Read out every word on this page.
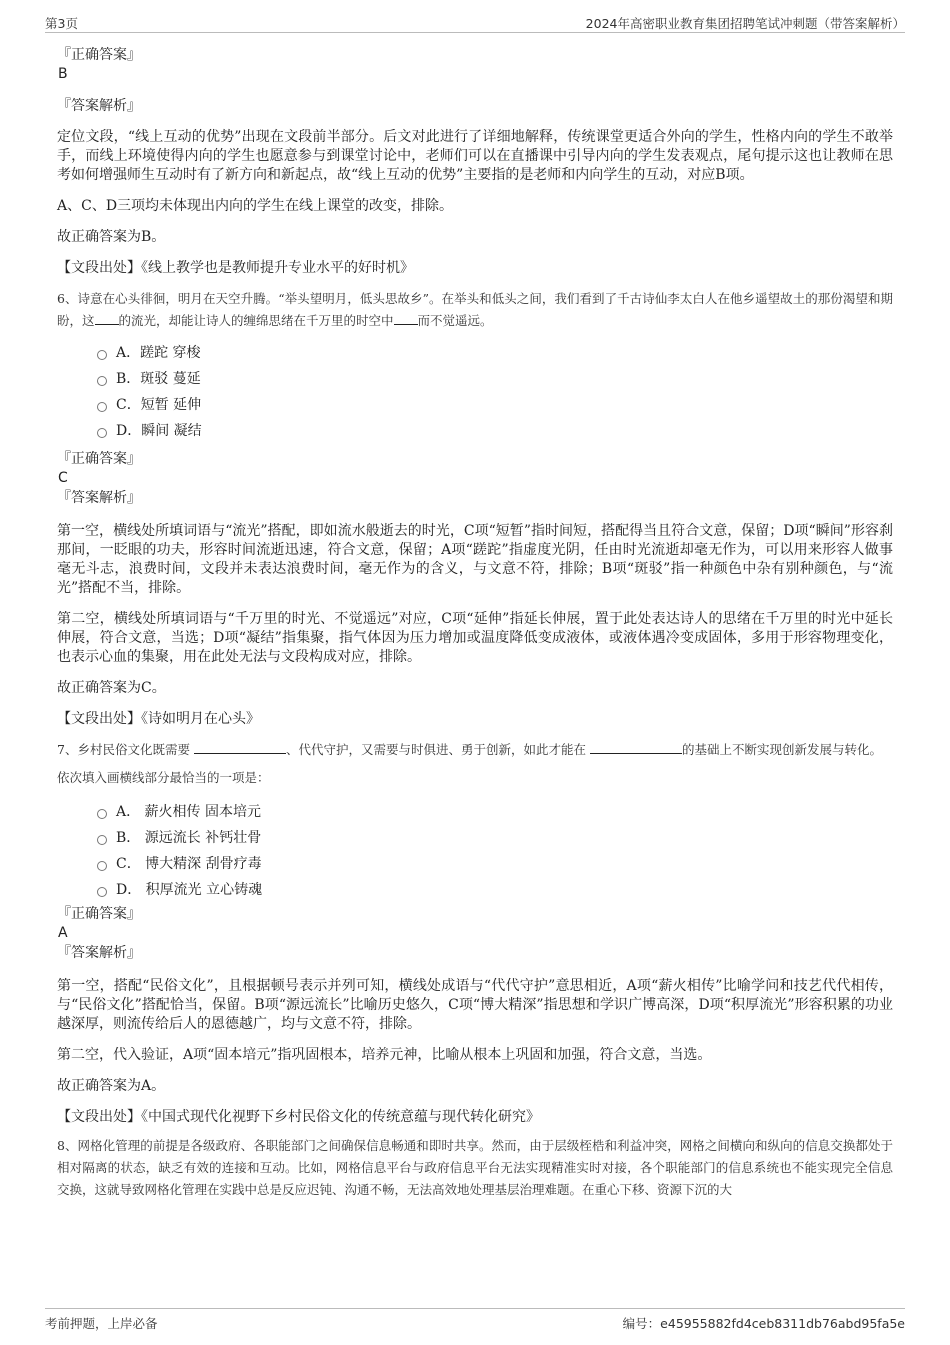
第3页	2024年高密职业教育集团招聘笔试冲刺题（带答案解析）

『正确答案』

B

『答案解析』

定位文段，“线上互动的优势”出现在文段前半部分。后文对此进行了详细地解释，传统课堂更适合外向的学生，性格内向的学生不敢举手，而线上环境使得内向的学生也愿意参与到课堂讨论中，老师们可以在直播课中引导内向的学生发表观点，尾句提示这也让教师在思考如何增强师生互动时有了新方向和新起点，故“线上互动的优势”主要指的是老师和内向学生的互动，对应B项。

A、C、D三项均未体现出内向的学生在线上课堂的改变，排除。

故正确答案为B。

【文段出处】《线上教学也是教师提升专业水平的好时机》

6、诗意在心头徘徊，明月在天空升腾。“举头望明月，低头思故乡”。在举头和低头之间，我们看到了千古诗仙李太白人在他乡遥望故土的那份渴望和期盼，这 的流光，却能让诗人的缠绵思绪在千万里的时空中 而不觉遥远。

A．蹉跎 穿梭
B．斑驳 蔓延
C．短暂 延伸
D．瞬间 凝结

『正确答案』

C

『答案解析』

第一空，横线处所填词语与“流光”搭配，即如流水般逝去的时光，C项“短暂”指时间短，搭配得当且符合文意，保留；D项“瞬间”形容刹那间，一眨眼的功夫，形容时间流逝迅速，符合文意，保留；A项“蹉跎”指虚度光阴，任由时光流逝却毫无作为，可以用来形容人做事毫无斗志，浪费时间，文段并未表达浪费时间，毫无作为的含义，与文意不符，排除；B项“斑驳”指一种颜色中杂有别种颜色，与“流光”搭配不当，排除。

第二空，横线处所填词语与“千万里的时光、不觉遥远”对应，C项“延伸”指延长伸展，置于此处表达诗人的思绪在千万里的时光中延长伸展，符合文意，当选；D项“凝结”指集聚，指气体因为压力增加或温度降低变成液体，或液体遇冷变成固体，多用于形容物理变化，也表示心血的集聚，用在此处无法与文段构成对应，排除。

故正确答案为C。

【文段出处】《诗如明月在心头》

7、乡村民俗文化既需要	、代代守护，又需要与时俱进、勇于创新，如此才能在	的基础上不断实现创新发展与转化。

依次填入画横线部分最恰当的一项是：

A． 薪火相传 固本培元
B． 源远流长 补钙壮骨
C． 博大精深 刮骨疗毒
D． 积厚流光 立心铸魂

『正确答案』

A

『答案解析』

第一空，搭配“民俗文化”，且根据顿号表示并列可知，横线处成语与“代代守护”意思相近，A项“薪火相传”比喻学问和技艺代代相传，与“民俗文化”搭配恰当，保留。B项“源远流长”比喻历史悠久，C项“博大精深”指思想和学识广博高深，D项“积厚流光”形容积累的功业越深厚，则流传给后人的恩德越广，均与文意不符，排除。

第二空，代入验证，A项“固本培元”指巩固根本，培养元神，比喻从根本上巩固和加强，符合文意，当选。

故正确答案为A。

【文段出处】《中国式现代化视野下乡村民俗文化的传统意蕴与现代转化研究》

8、网格化管理的前提是各级政府、各职能部门之间确保信息畅通和即时共享。然而，由于层级桎梏和利益冲突，网格之间横向和纵向的信息交换都处于相对隔离的状态，缺乏有效的连接和互动。比如，网格信息平台与政府信息平台无法实现精准实时对接，各个职能部门的信息系统也不能实现完全信息交换，这就导致网格化管理在实践中总是反应迟钝、沟通不畅，无法高效地处理基层治理难题。在重心下移、资源下沉的大

考前押题，上岸必备	编号：e45955882fd4ceb8311db76abd95fa5e
